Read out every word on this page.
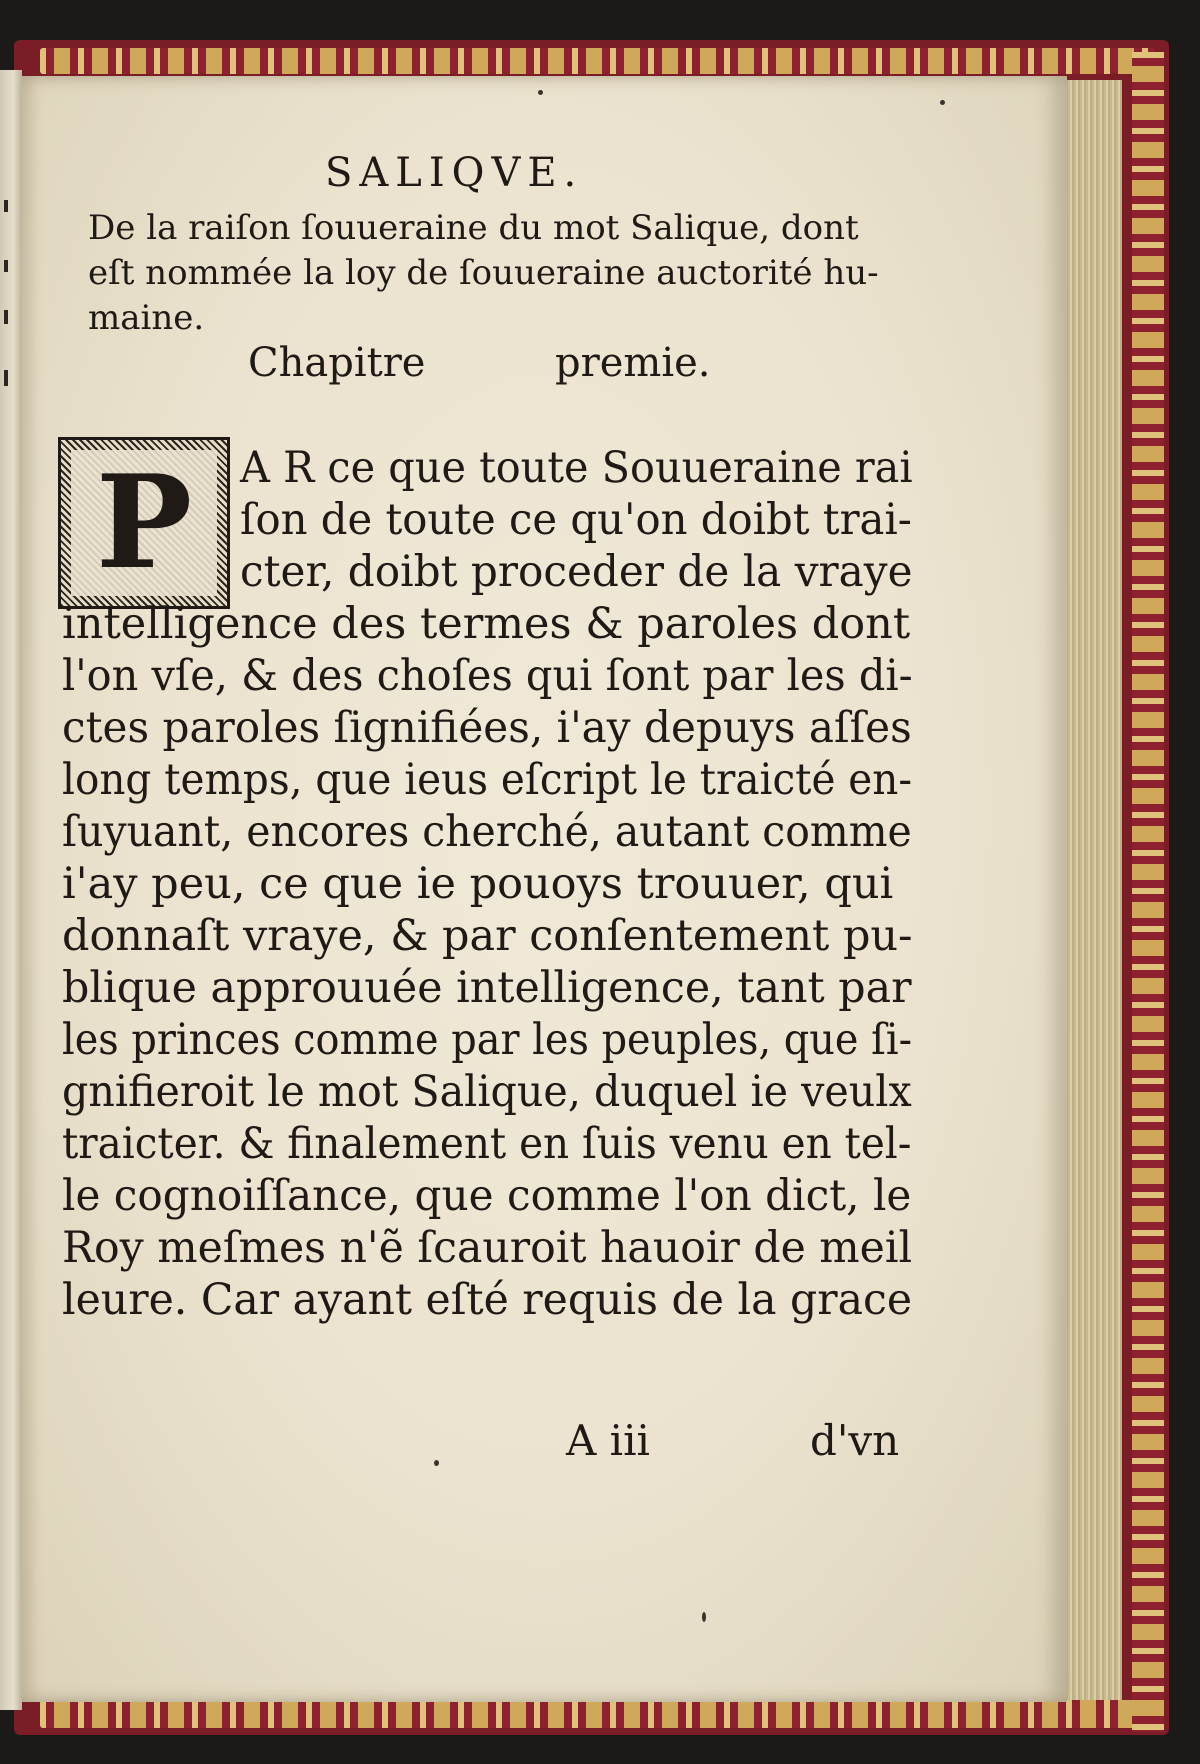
SALIQVE.
De la raiſon ſouueraine du mot Salique, dont
eſt nommée la loy de ſouueraine auctorité hu-
maine.
Chapitre	premie.
P	A R ce que toute Souueraine rai
ſon de toute ce qu'on doibt trai-
cter, doibt proceder de la vraye
intelligence des termes & paroles dont
l'on vſe, & des choſes qui ſont par les di-
ctes paroles ſignifiées, i'ay depuys aſſes
long temps, que ieus eſcript le traicté en-
ſuyuant, encores cherché, autant comme
i'ay peu, ce que ie pouoys trouuer, qui
donnaſt vraye, & par conſentement pu-
blique approuuée intelligence, tant par
les princes comme par les peuples, que ſi-
gnifieroit le mot Salique, duquel ie veulx
traicter. & finalement en ſuis venu en tel-
le cognoiſſance, que comme l'on dict, le
Roy meſmes n'ẽ ſcauroit hauoir de meil
leure. Car ayant eſté requis de la grace
A iii	d'vn
